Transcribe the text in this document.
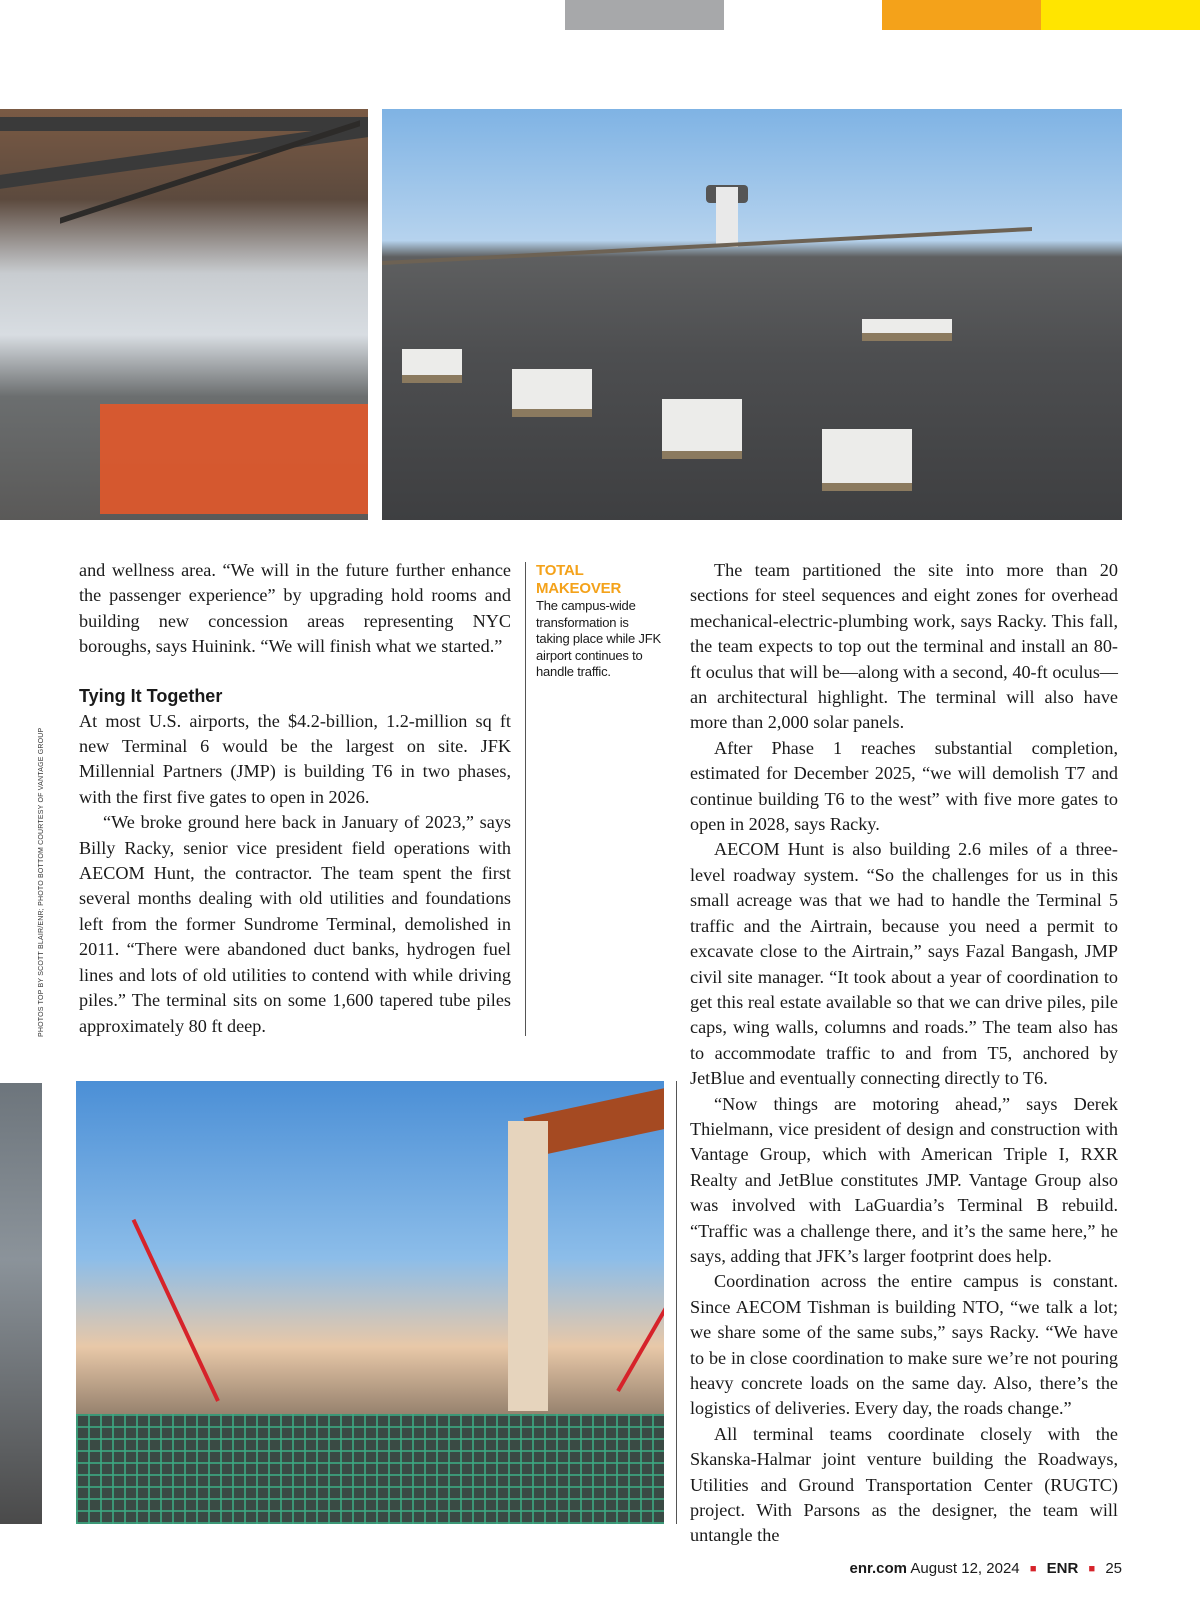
PHOTOS TOP BY SCOTT BLAIR/ENR; PHOTO BOTTOM COURTESY OF VANTAGE GROUP

and wellness area. “We will in the future further enhance the passenger experience” by upgrading hold rooms and building new concession areas representing NYC boroughs, says Huinink. “We will finish what we started.”

Tying It Together

At most U.S. airports, the $4.2-billion, 1.2-million sq ft new Terminal 6 would be the largest on site. JFK Millennial Partners (JMP) is building T6 in two phases, with the first five gates to open in 2026.

“We broke ground here back in January of 2023,” says Billy Racky, senior vice president field operations with AECOM Hunt, the contractor. The team spent the first several months dealing with old utilities and foundations left from the former Sundrome Terminal, demolished in 2011. “There were abandoned duct banks, hydrogen fuel lines and lots of old utilities to contend with while driving piles.” The terminal sits on some 1,600 tapered tube piles approximately 80 ft deep.

TOTAL MAKEOVER
The campus-wide transformation is taking place while JFK airport continues to handle traffic.

The team partitioned the site into more than 20 sections for steel sequences and eight zones for overhead mechanical-electric-plumbing work, says Racky. This fall, the team expects to top out the terminal and install an 80-ft oculus that will be—along with a second, 40-ft oculus—an architectural highlight. The terminal will also have more than 2,000 solar panels.

After Phase 1 reaches substantial completion, estimated for December 2025, “we will demolish T7 and continue building T6 to the west” with five more gates to open in 2028, says Racky.

AECOM Hunt is also building 2.6 miles of a three-level roadway system. “So the challenges for us in this small acreage was that we had to handle the Terminal 5 traffic and the Airtrain, because you need a permit to excavate close to the Airtrain,” says Fazal Bangash, JMP civil site manager. “It took about a year of coordination to get this real estate available so that we can drive piles, pile caps, wing walls, columns and roads.” The team also has to accommodate traffic to and from T5, anchored by JetBlue and eventually connecting directly to T6.

“Now things are motoring ahead,” says Derek Thielmann, vice president of design and construction with Vantage Group, which with American Triple I, RXR Realty and JetBlue constitutes JMP. Vantage Group also was involved with LaGuardia’s Terminal B rebuild. “Traffic was a challenge there, and it’s the same here,” he says, adding that JFK’s larger footprint does help.

Coordination across the entire campus is constant. Since AECOM Tishman is building NTO, “we talk a lot; we share some of the same subs,” says Racky. “We have to be in close coordination to make sure we’re not pouring heavy concrete loads on the same day. Also, there’s the logistics of deliveries. Every day, the roads change.”

All terminal teams coordinate closely with the Skanska-Halmar joint venture building the Roadways, Utilities and Ground Transportation Center (RUGTC) project. With Parsons as the designer, the team will untangle the

enr.com August 12, 2024 ■ ENR ■ 25
